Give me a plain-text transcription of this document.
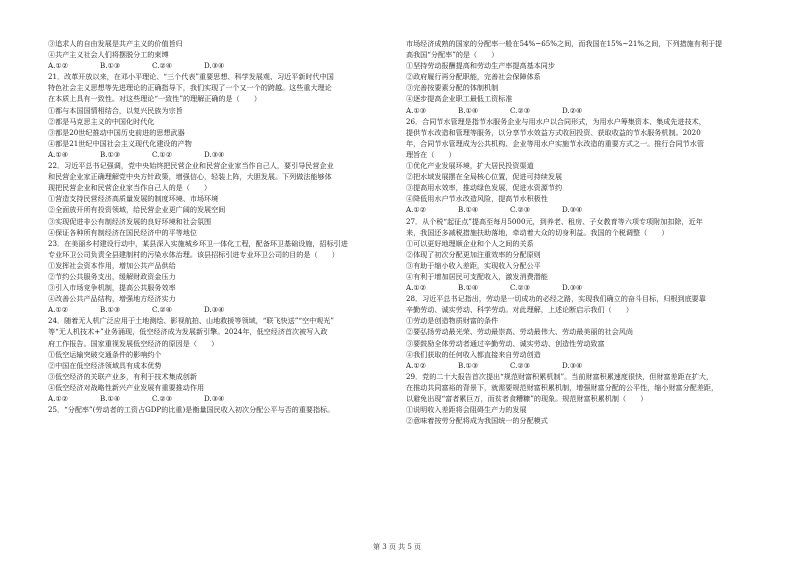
③追求人的自由发展是共产主义的价值旨归
④共产主义社会人们将摆脱分工的束缚
A.①②	B.①③	C.②④	D.③④
21．改革开放以来，在邓小平理论、“三个代表”重要思想、科学发展观、习近平新时代中国
特色社会主义思想等先进理论的正确指导下，我们实现了一个又一个的跨越。这些重大理论
在本质上具有一致性。对这些理论“一致性”的理解正确的是（　　）
①都与本国国情相结合，以复兴民族为宗旨
②都是马克思主义的中国化时代化
③都是20世纪推动中国历史前进的思想武器
④都是21世纪中国社会主义现代化建设的产物
A.①④	B.①③	C.①②	D.③④
22．习近平总书记强调，党中央始终把民营企业和民营企业家当作自己人，要引导民营企业
和民营企业家正确理解党中央方针政策，增强信心，轻装上阵，大胆发展。下列做法能够体
现把民营企业和民营企业家当作自己人的是（　　）
①营造支持民营经济高质量发展的制度环境、市场环境
②全面放开所有投资领域，给民营企业更广阔的发展空间
③实现促进非公有制经济发展的良好环境和社会氛围
④保证各种所有制经济在国民经济中的平等地位
23．在美丽乡村建设行动中，某县深入实施城乡环卫一体化工程，配备环卫基础设施，招标引进
专业环卫公司负责全县建制村的污染水体治理。该县招标引进专业环卫公司的目的是（　　）
①发挥社会资本作用，增加公共产品供给
②节约公共服务支出，缓解财政资金压力
③引入市场竞争机制，提高公共服务效率
④改善公共产品结构，增强地方经济实力
A.①②	B.①③	C.②④	D.③④
24．随着无人机广泛应用于土地测绘、影视航拍、山地救援等领域，“联飞快送”“空中观光”
等“无人机技术+”业务涌现，低空经济成为发展新引擎。2024年，低空经济首次被写入政
府工作报告。国家重视发展低空经济的原因是（　　）
①低空运输突破交通条件的影响约个
②中国在低空经济领域具有成本优势
③低空经济的关联产业多，有利于技术集成创新
④低空经济对战略性新兴产业发展有重要推动作用
A.①②	B.①④	C.②③	D.③④
25．“分配率”(劳动者的工资占GDP的比重)是衡量国民收入初次分配公平与否的重要指标。
市场经济成熟的国家的分配率一般在54%~65%之间，而我国在15%~21%之间，下列措施有利于提
高我国“分配率”的是（　　）
①坚持劳动报酬提高和劳动生产率提高基本同步
②政府履行再分配职能，完善社会保障体系
③完善按要素分配的体制机制
④逐步提高企业职工最低工资标准
A.①③	B.①④	C.②③	D.②④
26．合同节水管理是指节水服务企业与用水户以合同形式，为用水户筹集资本、集成先进技术，
提供节水改造和管理等服务，以分享节水效益方式收回投资、获取收益的节水服务机制。2020
年，合同节水管理成为公共机构、企业等用水户实施节水改造的重要方式之一。推行合同节水管
理旨在（　　）
①优化产业发展环境，扩大居民投资渠道
②把水域发展摆在全局核心位置，促进可持续发展
③提高用水效率，推动绿色发展，促进水资源节约
④降低用水户节水改造风险，提高节水积极性
A.①②	B.①④	C.②③	D.③④
27．从个税“起征点”提高至每月5000元，到养老、租房、子女教育等六项专项附加扣除，近年
来，我国还多减税措施扶助落地，牵动着大众的切身利益。我国的个税调整（　　）
①可以更好地理顺企业和个人之间的关系
②体现了初次分配更加注重效率的分配原则
③有助于缩小收入差距，实现收入分配公平
④有利于增加居民可支配收入，激发消费潜能
A.①②	B.①④	C.②③	D.③④
28．习近平总书记指出，劳动是一切成功的必经之路，实现我们确立的奋斗目标，归根到底要靠
辛勤劳动、诚实劳动、科学劳动。对此理解，上述论断启示我们（　　）
①劳动是创造物质财富的条件
②要弘扬劳动最光荣、劳动最崇高、劳动最伟大、劳动最美丽的社会风尚
③要鼓励全体劳动者通过辛勤劳动、诚实劳动、创造性劳动致富
④我们获取的任何收入都直接来自劳动创造
A.①②	B.①③	C.②③	D.③④
29．党的二十大报告首次提出“规范财富积累机制”。当前财富积累速度很快，但财富差距在扩大，
在推动共同富裕的背景下，就需要规范财富积累机制，增强财富分配的公平性，缩小财富分配差距，
以避免出现“富者累巨万，而贫者食糟糠”的现象。规范财富积累机制（　　）
①说明收入差距将会阻碍生产力的发展
②意味着按劳分配将成为我国统一的分配模式
第 3 页 共 5 页
